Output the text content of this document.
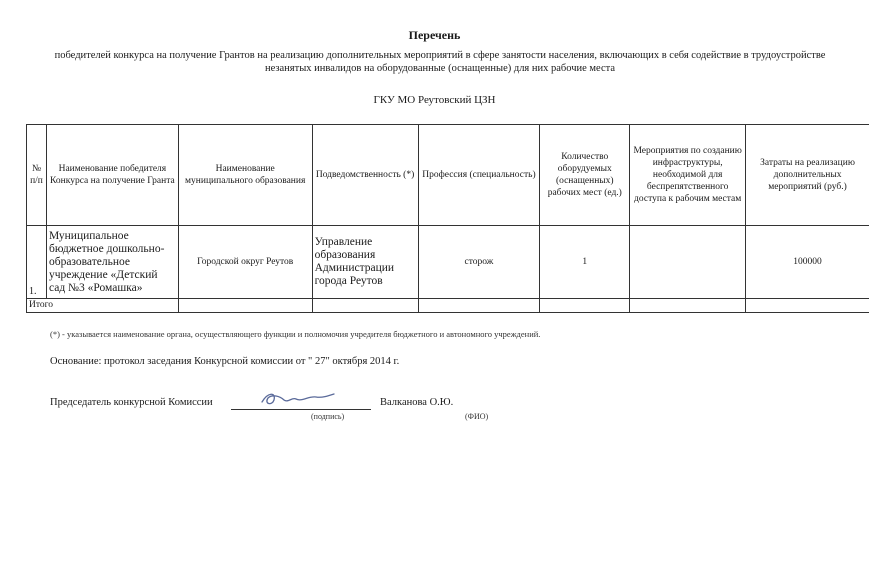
Перечень
победителей конкурса на получение Грантов на реализацию дополнительных мероприятий в сфере занятости населения, включающих в себя содействие в трудоустройстве незанятых инвалидов на оборудованные (оснащенные) для них рабочие места
ГКУ МО Реутовский ЦЗН
№ п/п	Наименование победителя Конкурса на получение Гранта	Наименование муниципального образования	Подведомственность (*)	Профессия (специальность)	Количество оборудуемых (оснащенных) рабочих мест (ед.)	Мероприятия по созданию инфраструктуры, необходимой для беспрепятственного доступа к рабочим местам	Затраты на реализацию дополнительных мероприятий (руб.)
1.	Муниципальное бюджетное дошкольно-образовательное учреждение «Детский сад №3 «Ромашка»	Городской округ Реутов	Управление образования Администрации города Реутов	сторож	1		100000
Итого							
(*) - указывается наименование органа, осуществляющего функции и полномочия учредителя бюджетного и автономного учреждений.
Основание: протокол заседания Конкурсной комиссии от " 27" октября 2014 г.
Председатель конкурсной Комиссии	Валканова О.Ю.
(подпись)	(ФИО)
